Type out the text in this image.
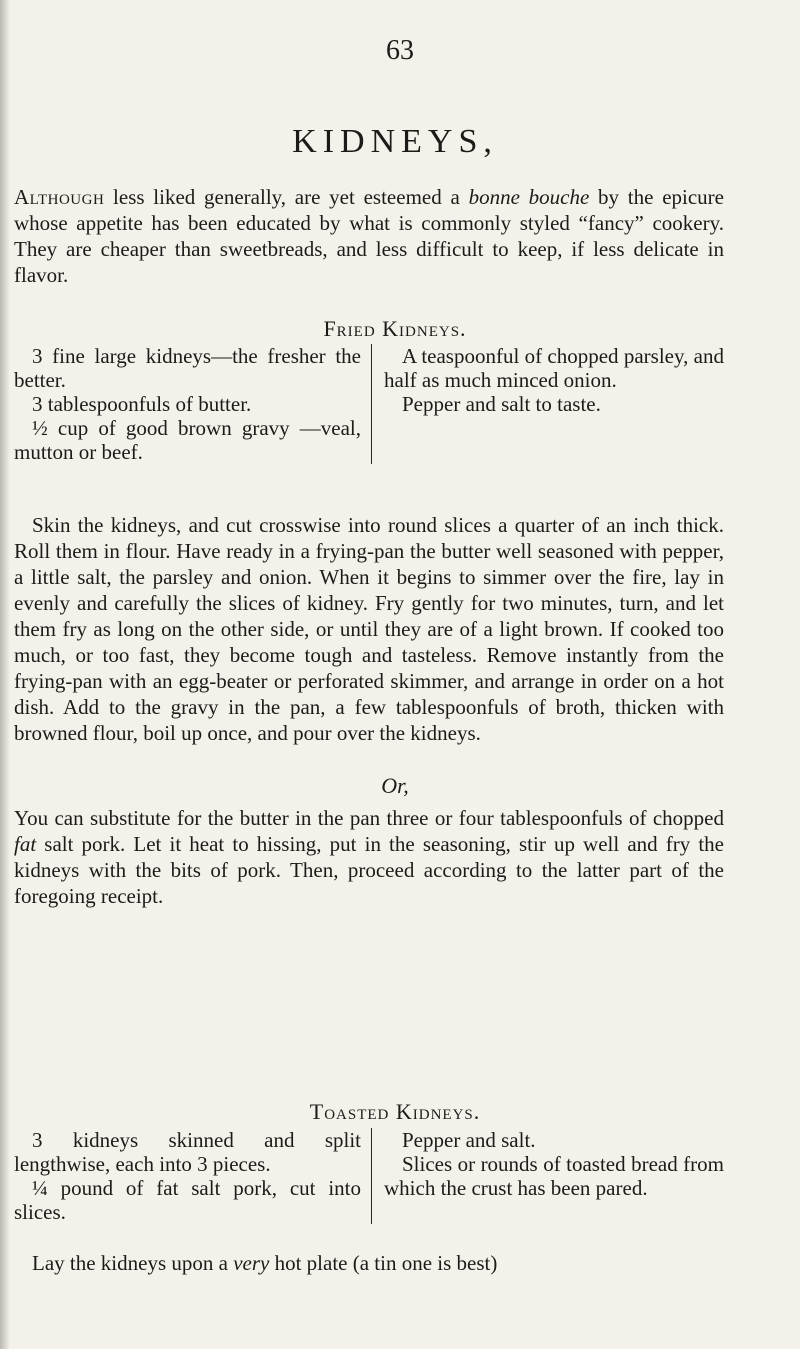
63
KIDNEYS,

Although less liked generally, are yet esteemed a bonne bouche by the epicure whose appetite has been educated by what is commonly styled “fancy” cookery. They are cheaper than sweetbreads, and less difficult to keep, if less delicate in flavor.

Fried Kidneys.
3 fine large kidneys—the fresher the better.
3 tablespoonfuls of butter.
½ cup of good brown gravy —veal, mutton or beef.
A teaspoonful of chopped parsley, and half as much minced onion.
Pepper and salt to taste.

Skin the kidneys, and cut crosswise into round slices a quarter of an inch thick. Roll them in flour. Have ready in a frying-pan the butter well seasoned with pepper, a little salt, the parsley and onion. When it begins to simmer over the fire, lay in evenly and carefully the slices of kidney. Fry gently for two minutes, turn, and let them fry as long on the other side, or until they are of a light brown. If cooked too much, or too fast, they become tough and tasteless. Remove instantly from the frying-pan with an egg-beater or perforated skimmer, and arrange in order on a hot dish. Add to the gravy in the pan, a few tablespoonfuls of broth, thicken with browned flour, boil up once, and pour over the kidneys.

Or,

You can substitute for the butter in the pan three or four tablespoonfuls of chopped fat salt pork. Let it heat to hissing, put in the seasoning, stir up well and fry the kidneys with the bits of pork. Then, proceed according to the latter part of the foregoing receipt.

Toasted Kidneys.
3 kidneys skinned and split lengthwise, each into 3 pieces.
¼ pound of fat salt pork, cut into slices.
Pepper and salt.
Slices or rounds of toasted bread from which the crust has been pared.

Lay the kidneys upon a very hot plate (a tin one is best)
